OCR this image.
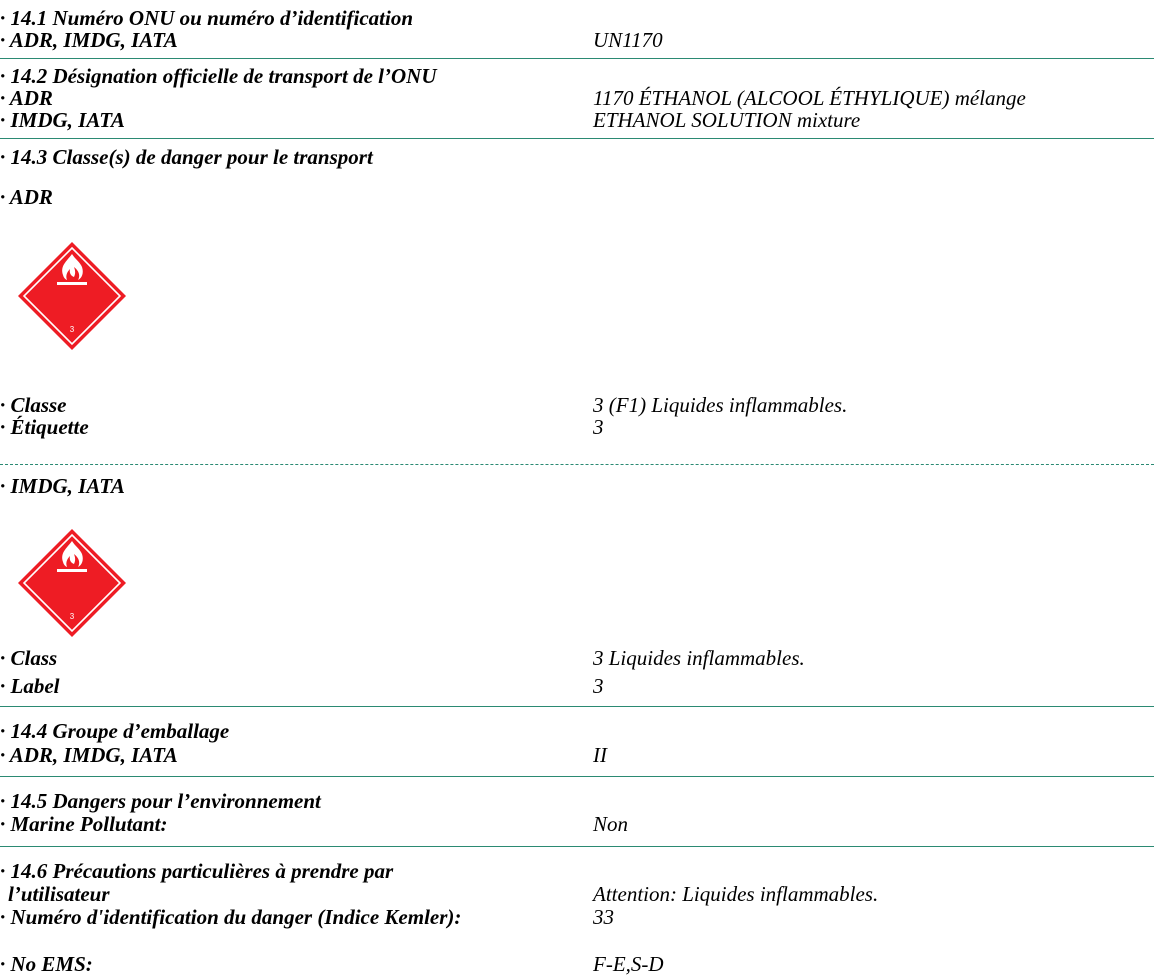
· 14.1 Numéro ONU ou numéro d’identification
· ADR, IMDG, IATA	UN1170
· 14.2 Désignation officielle de transport de l’ONU
· ADR	1170 ÉTHANOL (ALCOOL ÉTHYLIQUE) mélange
· IMDG, IATA	ETHANOL SOLUTION mixture
· 14.3 Classe(s) de danger pour le transport
· ADR
3
· Classe	3 (F1) Liquides inflammables.
· Étiquette	3
· IMDG, IATA
3
· Class	3 Liquides inflammables.
· Label	3
· 14.4 Groupe d’emballage
· ADR, IMDG, IATA	II
· 14.5 Dangers pour l’environnement
· Marine Pollutant:	Non
· 14.6 Précautions particulières à prendre par
l’utilisateur	Attention: Liquides inflammables.
· Numéro d'identification du danger (Indice Kemler):	33
· No EMS:	F-E,S-D
